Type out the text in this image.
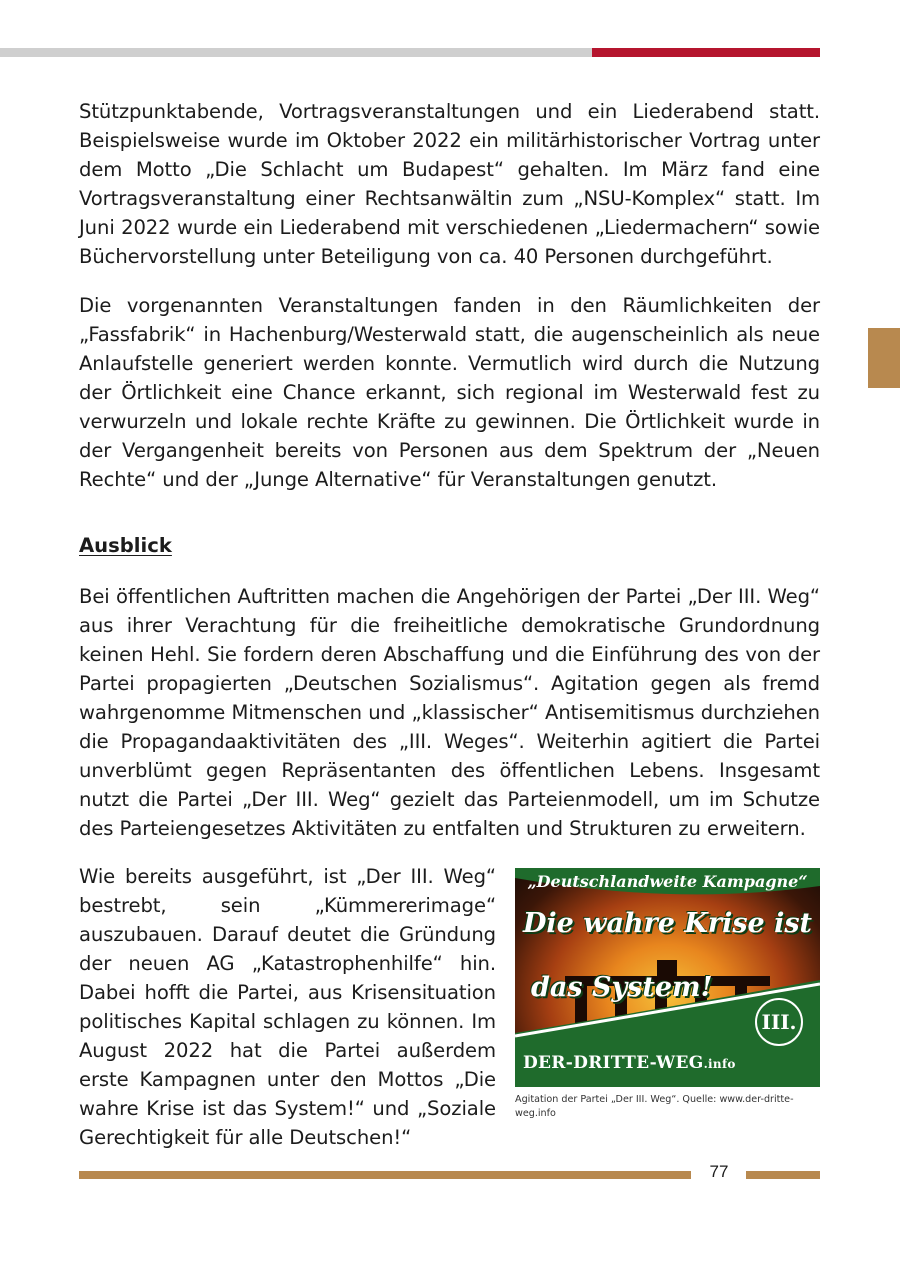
Stützpunktabende, Vortragsveranstaltungen und ein Liederabend statt. Beispielsweise wurde im Oktober 2022 ein militärhistorischer Vortrag unter dem Motto „Die Schlacht um Budapest“ gehalten. Im März fand eine Vortragsveranstaltung einer Rechtsanwältin zum „NSU-Komplex“ statt. Im Juni 2022 wurde ein Liederabend mit verschiedenen „Liedermachern“ sowie Büchervorstellung unter Beteiligung von ca. 40 Personen durchgeführt.

Die vorgenannten Veranstaltungen fanden in den Räumlichkeiten der „Fassfabrik“ in Hachenburg/Westerwald statt, die augenscheinlich als neue Anlaufstelle generiert werden konnte. Vermutlich wird durch die Nutzung der Örtlichkeit eine Chance erkannt, sich regional im Westerwald fest zu verwurzeln und lokale rechte Kräfte zu gewinnen. Die Örtlichkeit wurde in der Vergangenheit bereits von Personen aus dem Spektrum der „Neuen Rechte“ und der „Junge Alternative“ für Veranstaltungen genutzt.

Ausblick

Bei öffentlichen Auftritten machen die Angehörigen der Partei „Der III. Weg“ aus ihrer Verachtung für die freiheitliche demokratische Grundordnung keinen Hehl. Sie fordern deren Abschaffung und die Einführung des von der Partei propagierten „Deutschen Sozialismus“. Agitation gegen als fremd wahrgenomme Mitmenschen und „klassischer“ Antisemitismus durchziehen die Propagandaaktivitäten des „III. Weges“. Weiterhin agitiert die Partei unverblümt gegen Repräsentanten des öffentlichen Lebens. Insgesamt nutzt die Partei „Der III. Weg“ gezielt das Parteienmodell, um im Schutze des Parteiengesetzes Aktivitäten zu entfalten und Strukturen zu erweitern.

Wie bereits ausgeführt, ist „Der III. Weg“ bestrebt, sein „Kümmererimage“ auszubauen. Darauf deutet die Gründung der neuen AG „Katastrophenhilfe“ hin. Dabei hofft die Partei, aus Krisensituation politisches Kapital schlagen zu können. Im August 2022 hat die Partei außerdem erste Kampagnen unter den Mottos „Die wahre Krise ist das System!“ und „Soziale Gerechtigkeit für alle Deutschen!“

„Deutschlandweite Kampagne“
Die wahre Krise ist
das System!
III.
DER-DRITTE-WEG.info
Agitation der Partei „Der III. Weg“. Quelle: www.der-dritte-weg.info
77
